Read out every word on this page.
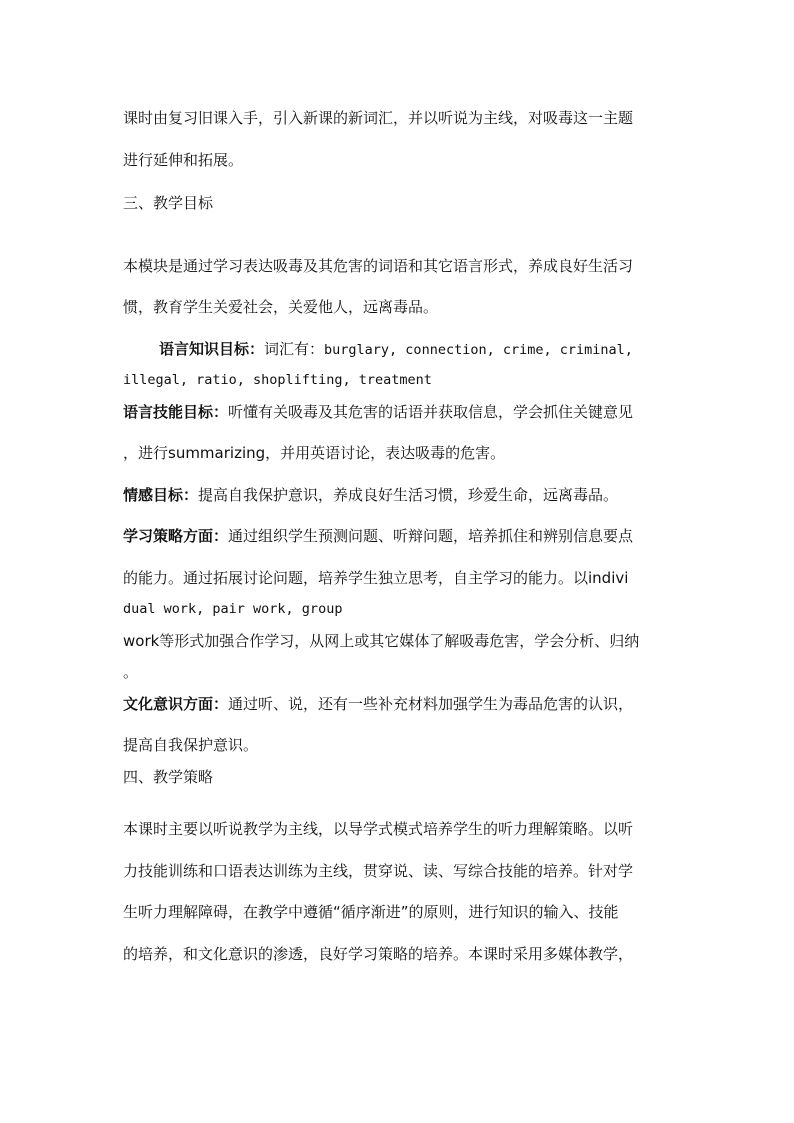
课时由复习旧课入手，引入新课的新词汇，并以听说为主线，对吸毒这一主题
进行延伸和拓展。
三、教学目标
本模块是通过学习表达吸毒及其危害的词语和其它语言形式，养成良好生活习
惯，教育学生关爱社会，关爱他人，远离毒品。
语言知识目标：词汇有：burglary, connection, crime, criminal,
illegal, ratio, shoplifting, treatment
语言技能目标：听懂有关吸毒及其危害的话语并获取信息，学会抓住关键意见
，进行summarizing，并用英语讨论，表达吸毒的危害。
情感目标：提高自我保护意识，养成良好生活习惯，珍爱生命，远离毒品。
学习策略方面：通过组织学生预测问题、听辩问题，培养抓住和辨别信息要点
的能力。通过拓展讨论问题，培养学生独立思考，自主学习的能力。以indivi
dual work, pair work, group
work等形式加强合作学习，从网上或其它媒体了解吸毒危害，学会分析、归纳
。
文化意识方面：通过听、说，还有一些补充材料加强学生为毒品危害的认识，
提高自我保护意识。
四、教学策略
本课时主要以听说教学为主线，以导学式模式培养学生的听力理解策略。以听
力技能训练和口语表达训练为主线，贯穿说、读、写综合技能的培养。针对学
生听力理解障碍，在教学中遵循“循序渐进”的原则，进行知识的输入、技能
的培养，和文化意识的渗透，良好学习策略的培养。本课时采用多媒体教学，
